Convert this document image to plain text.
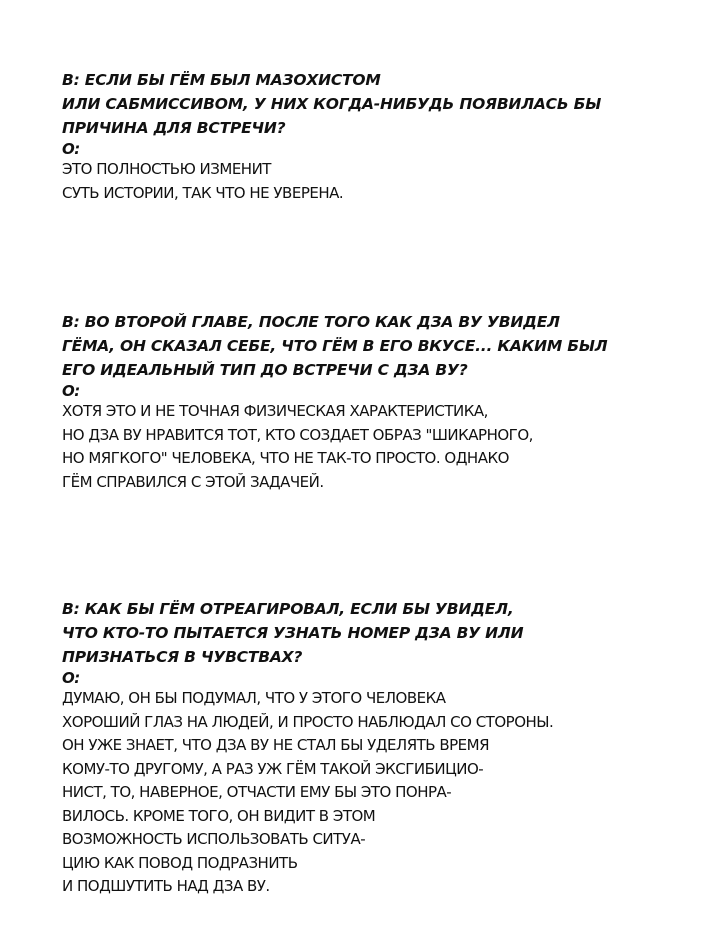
В: ЕСЛИ БЫ ГЁМ БЫЛ МАЗОХИСТОМ
ИЛИ САБМИССИВОМ, У НИХ КОГДА-НИБУДЬ ПОЯВИЛАСЬ БЫ
ПРИЧИНА ДЛЯ ВСТРЕЧИ?

О:
ЭТО ПОЛНОСТЬЮ ИЗМЕНИТ
СУТЬ ИСТОРИИ, ТАК ЧТО НЕ УВЕРЕНА.

В: ВО ВТОРОЙ ГЛАВЕ, ПОСЛЕ ТОГО КАК ДЗА ВУ УВИДЕЛ
ГЁМА, ОН СКАЗАЛ СЕБЕ, ЧТО ГЁМ В ЕГО ВКУСЕ... КАКИМ БЫЛ
ЕГО ИДЕАЛЬНЫЙ ТИП ДО ВСТРЕЧИ С ДЗА ВУ?

О:
ХОТЯ ЭТО И НЕ ТОЧНАЯ ФИЗИЧЕСКАЯ ХАРАКТЕРИСТИКА,
НО ДЗА ВУ НРАВИТСЯ ТОТ, КТО СОЗДАЕТ ОБРАЗ "ШИКАРНОГО,
НО МЯГКОГО" ЧЕЛОВЕКА, ЧТО НЕ ТАК-ТО ПРОСТО. ОДНАКО
ГЁМ СПРАВИЛСЯ С ЭТОЙ ЗАДАЧЕЙ.

В: КАК БЫ ГЁМ ОТРЕАГИРОВАЛ, ЕСЛИ БЫ УВИДЕЛ,
ЧТО КТО-ТО ПЫТАЕТСЯ УЗНАТЬ НОМЕР ДЗА ВУ ИЛИ
ПРИЗНАТЬСЯ В ЧУВСТВАХ?

О:
ДУМАЮ, ОН БЫ ПОДУМАЛ, ЧТО У ЭТОГО ЧЕЛОВЕКА
ХОРОШИЙ ГЛАЗ НА ЛЮДЕЙ, И ПРОСТО НАБЛЮДАЛ СО СТОРОНЫ.
ОН УЖЕ ЗНАЕТ, ЧТО ДЗА ВУ НЕ СТАЛ БЫ УДЕЛЯТЬ ВРЕМЯ
КОМУ-ТО ДРУГОМУ, А РАЗ УЖ ГЁМ ТАКОЙ ЭКСГИБИЦИО-
НИСТ, ТО, НАВЕРНОЕ, ОТЧАСТИ ЕМУ БЫ ЭТО ПОНРА-
ВИЛОСЬ. КРОМЕ ТОГО, ОН ВИДИТ В ЭТОМ
ВОЗМОЖНОСТЬ ИСПОЛЬЗОВАТЬ СИТУА-
ЦИЮ КАК ПОВОД ПОДРАЗНИТЬ
И ПОДШУТИТЬ НАД ДЗА ВУ.
